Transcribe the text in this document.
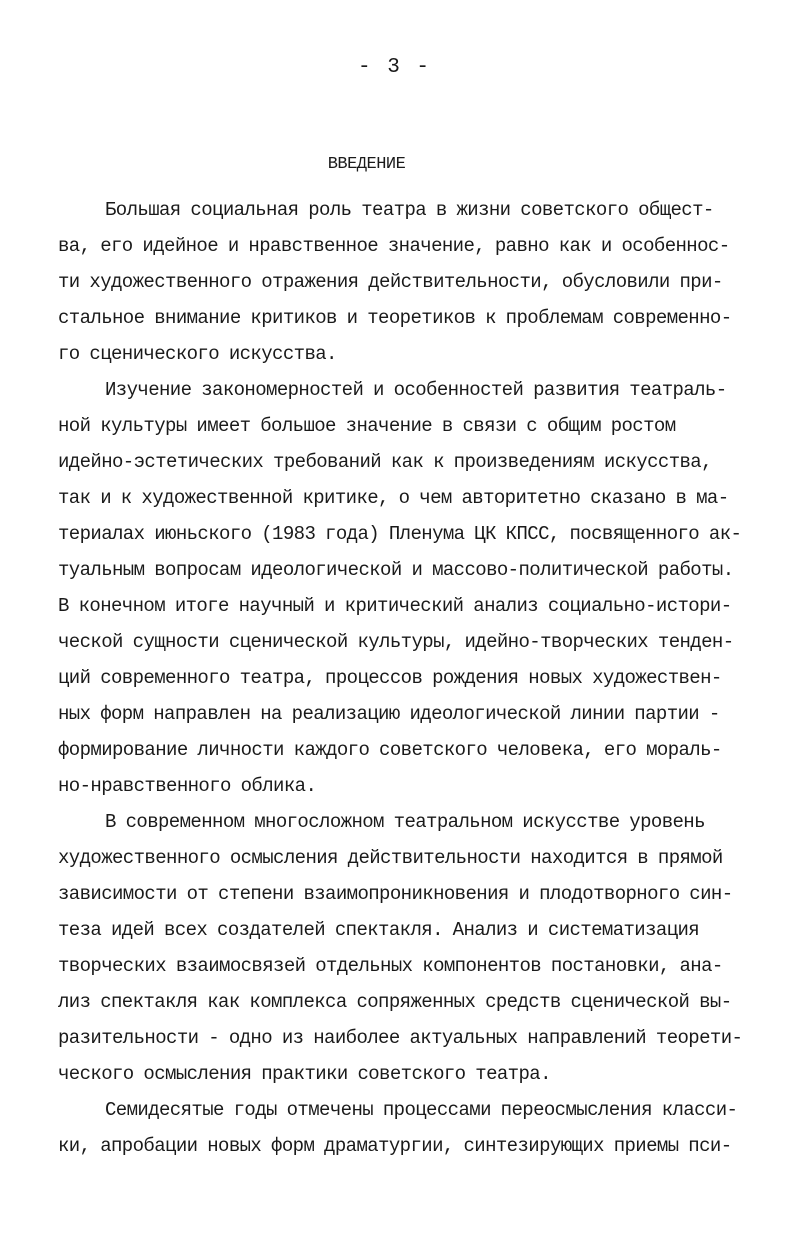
- 3 -
ВВЕДЕНИЕ
Большая социальная роль театра в жизни советского общест-
ва, его идейное и нравственное значение, равно как и особеннос-
ти художественного отражения действительности, обусловили при-
стальное внимание критиков и теоретиков к проблемам современно-
го сценического искусства.
Изучение закономерностей и особенностей развития театраль-
ной культуры имеет большое значение в связи с общим ростом
идейно-эстетических требований как к произведениям искусства,
так и к художественной критике, о чем авторитетно сказано в ма-
териалах июньского (1983 года) Пленума ЦК КПСС, посвященного ак-
туальным вопросам идеологической и массово-политической работы.
В конечном итоге научный и критический анализ социально-истори-
ческой сущности сценической культуры, идейно-творческих тенден-
ций современного театра, процессов рождения новых художествен-
ных форм направлен на реализацию идеологической линии партии -
формирование личности каждого советского человека, его мораль-
но-нравственного облика.
В современном многосложном театральном искусстве уровень
художественного осмысления действительности находится в прямой
зависимости от степени взаимопроникновения и плодотворного син-
теза идей всех создателей спектакля. Анализ и систематизация
творческих взаимосвязей отдельных компонентов постановки, ана-
лиз спектакля как комплекса сопряженных средств сценической вы-
разительности - одно из наиболее актуальных направлений теорети-
ческого осмысления практики советского театра.
Семидесятые годы отмечены процессами переосмысления класси-
ки, апробации новых форм драматургии, синтезирующих приемы пси-
